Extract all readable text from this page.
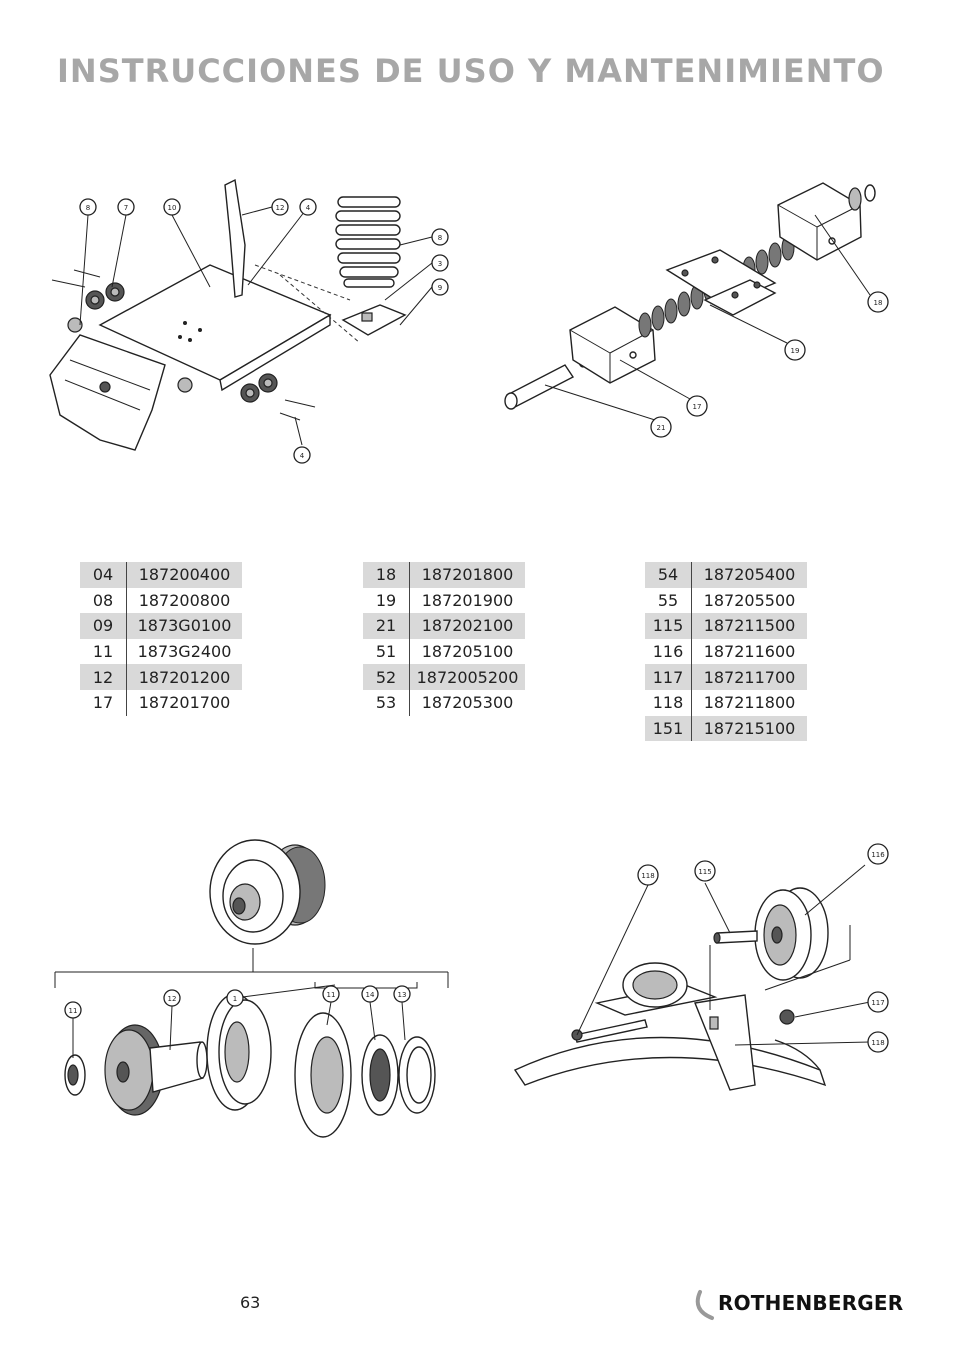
INSTRUCCIONES DE USO Y MANTENIMIENTO
8	7	10	12	4
8
3
9
4
18
19
17
21
04	187200400
08	187200800
09	1873G0100
11	1873G2400
12	187201200
17	187201700
18	187201800
19	187201900
21	187202100
51	187205100
52	1872005200
53	187205300
54	187205400
55	187205500
115	187211500
116	187211600
117	187211700
118	187211800
151	187215100
11
12	1	11	14	13
118	115
116
117
118
63	ROTHENBERGER
